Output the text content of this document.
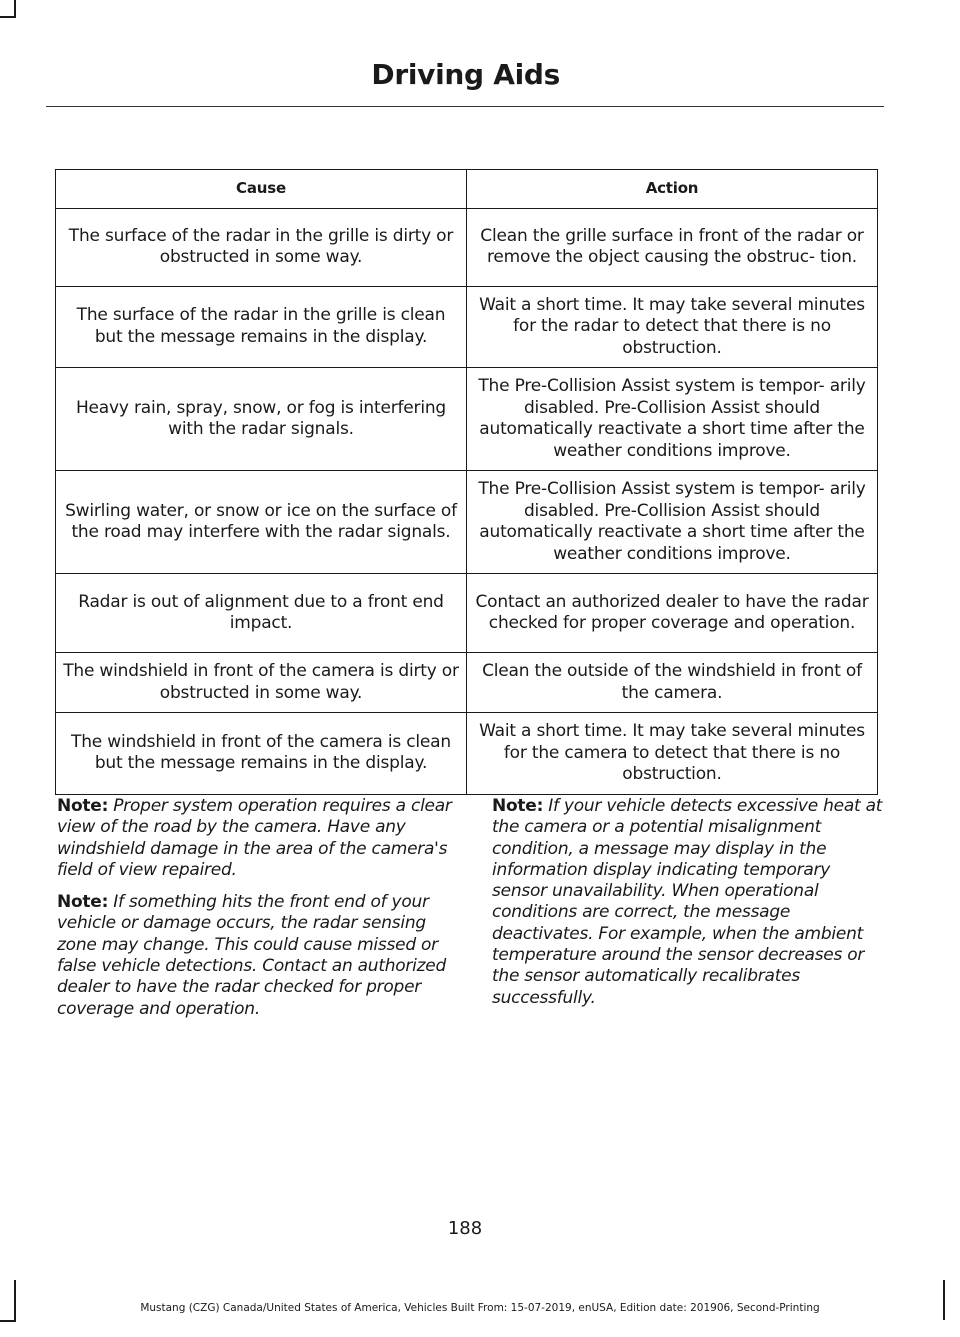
Driving Aids
Cause	Action
The surface of the radar in the grille is dirty or obstructed in some way.	Clean the grille surface in front of the radar or remove the object causing the obstruc- tion.
The surface of the radar in the grille is clean but the message remains in the display.	Wait a short time. It may take several minutes for the radar to detect that there is no obstruction.
Heavy rain, spray, snow, or fog is interfering with the radar signals.	The Pre-Collision Assist system is tempor- arily disabled. Pre-Collision Assist should automatically reactivate a short time after the weather conditions improve.
Swirling water, or snow or ice on the surface of the road may interfere with the radar signals.	The Pre-Collision Assist system is tempor- arily disabled. Pre-Collision Assist should automatically reactivate a short time after the weather conditions improve.
Radar is out of alignment due to a front end impact.	Contact an authorized dealer to have the radar checked for proper coverage and operation.
The windshield in front of the camera is dirty or obstructed in some way.	Clean the outside of the windshield in front of the camera.
The windshield in front of the camera is clean but the message remains in the display.	Wait a short time. It may take several minutes for the camera to detect that there is no obstruction.

Note: Proper system operation requires a clear view of the road by the camera. Have any windshield damage in the area of the camera's field of view repaired.

Note: If something hits the front end of your vehicle or damage occurs, the radar sensing zone may change. This could cause missed or false vehicle detections. Contact an authorized dealer to have the radar checked for proper coverage and operation.

Note: If your vehicle detects excessive heat at the camera or a potential misalignment condition, a message may display in the information display indicating temporary sensor unavailability. When operational conditions are correct, the message deactivates. For example, when the ambient temperature around the sensor decreases or the sensor automatically recalibrates successfully.

188
Mustang (CZG) Canada/United States of America, Vehicles Built From: 15-07-2019, enUSA, Edition date: 201906, Second-Printing
